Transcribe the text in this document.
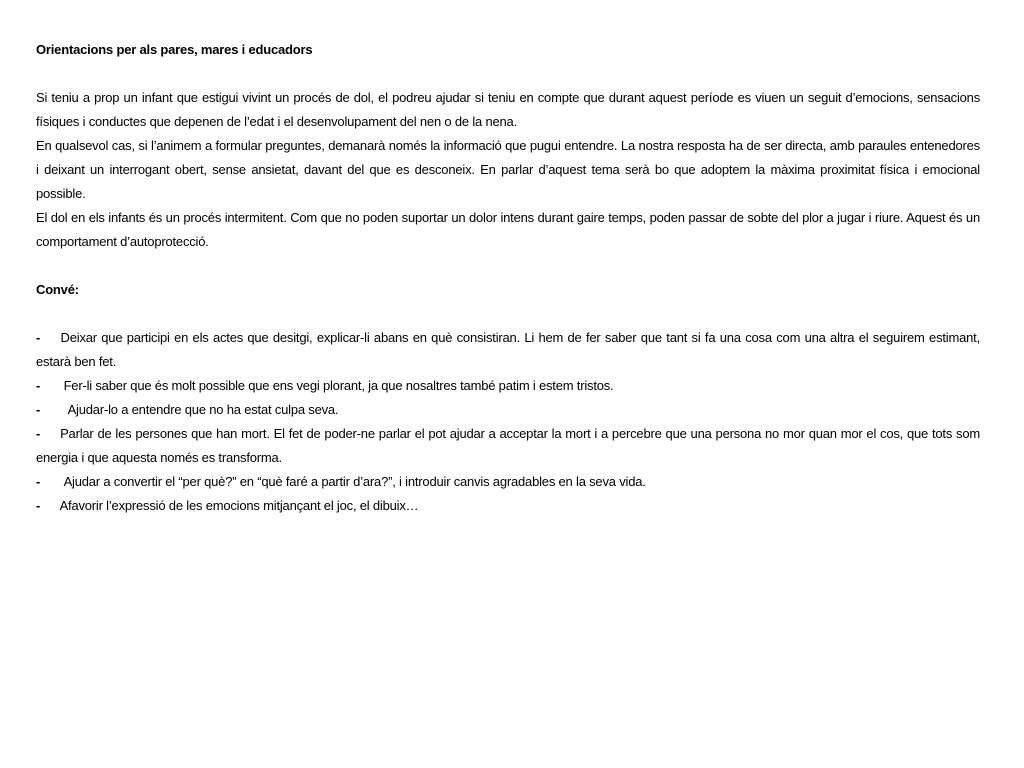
Orientacions per als pares, mares i educadors

Si teniu a prop un infant que estigui vivint un procés de dol, el podreu ajudar si teniu en compte que durant aquest període es viuen un seguit d’emocions, sensacions físiques i conductes que depenen de l’edat i el desenvolupament del nen o de la nena.

En qualsevol cas, si l’animem a formular preguntes, demanarà només la informació que pugui entendre. La nostra resposta ha de ser directa, amb paraules entenedores i deixant un interrogant obert, sense ansietat, davant del que es desconeix. En parlar d’aquest tema serà bo que adoptem la màxima proximitat física i emocional possible.

El dol en els infants és un procés intermitent. Com que no poden suportar un dolor intens durant gaire temps, poden passar de sobte del plor a jugar i riure. Aquest és un comportament d’autoprotecció.

Convé:

- Deixar que participi en els actes que desitgi, explicar-li abans en què consistiran. Li hem de fer saber que tant si fa una cosa com una altra el seguirem estimant, estarà ben fet.
- Fer-li saber que és molt possible que ens vegi plorant, ja que nosaltres també patim i estem tristos.
- Ajudar-lo a entendre que no ha estat culpa seva.
- Parlar de les persones que han mort. El fet de poder-ne parlar el pot ajudar a acceptar la mort i a percebre que una persona no mor quan mor el cos, que tots som energia i que aquesta només es transforma.
- Ajudar a convertir el “per què?” en “què faré a partir d’ara?”, i introduir canvis agradables en la seva vida.
- Afavorir l’expressió de les emocions mitjançant el joc, el dibuix…
